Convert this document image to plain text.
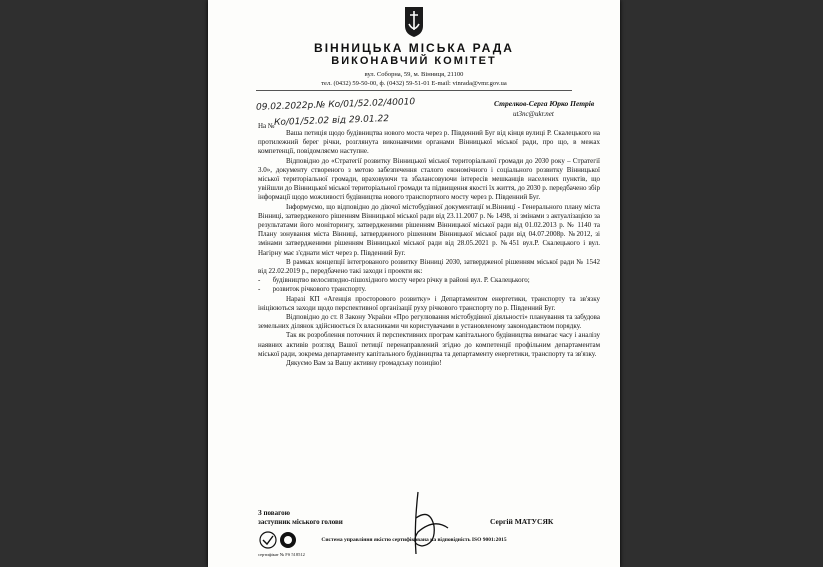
ВІННИЦЬКА МІСЬКА РАДА
ВИКОНАВЧИЙ КОМІТЕТ
вул. Соборна, 59, м. Вінниця, 21100
тел. (0432) 59-50-00, ф. (0432) 59-51-01 E-mail: vinrada@vmr.gov.ua
09.02.2022р.№ Ко/01/52.02/40010
На № Ко/01/52.02 від 29.01.22
Стрелков-Серга Юрко Петрів
ut3nc@ukr.net

Ваша петиція щодо будівництва нового моста через р. Південний Буг від кінця вулиці Р. Скалецького на протилежний берег річки, розглянута виконавчими органами Вінницької міської ради, про що, в межах компетенції, повідомляємо наступне.

Відповідно до «Стратегії розвитку Вінницької міської територіальної громади до 2030 року – Стратегії 3.0», документу створеного з метою забезпечення сталого економічного і соціального розвитку Вінницької міської територіальної громади, враховуючи та збалансовуючи інтересів мешканців населених пунктів, що увійшли до Вінницької міської територіальної громади та підвищення якості їх життя, до 2030 р. передбачено збір інформації щодо можливості будівництва нового транспортного мосту через р. Південний Буг.

Інформуємо, що відповідно до діючої містобудівної документації м.Вінниці - Генерального плану міста Вінниці, затвердженого рішенням Вінницької міської ради від 23.11.2007 р. № 1498, зі змінами з актуалізацією за результатами його моніторингу, затвердженими рішенням Вінницької міської ради від 01.02.2013 р. № 1140 та Плану зонування міста Вінниці, затвердженого рішенням Вінницької міської ради від 04.07.2008р. №2012, зі змінами затвердженими рішенням Вінницької міської ради від 28.05.2021 р. №451 вул.Р. Скалецького і вул. Нагірну має з'єднати міст через р. Південний Буг.

В рамках концепції інтегрованого розвитку Вінниці 2030, затвердженої рішенням міської ради № 1542 від 22.02.2019 р., передбачено такі заходи і проекти як:

-       будівництво велосипедно-пішохідного мосту через річку в районі вул. Р. Скалецького;

-       розвиток річкового транспорту.

Наразі КП «Агенція просторового розвитку» і Департаментом енергетики, транспорту та зв'язку ініціюються заходи щодо перспективної організації руху річкового транспорту по р. Південний Буг.

Відповідно до ст. 8 Закону України «Про регулювання містобудівної діяльності» планування та забудова земельних ділянок здійснюється їх власниками чи користувачами в установленому законодавством порядку.

Так як розроблення поточних й перспективних програм капітального будівництва вимагає часу і аналізу наявних активів розгляд Вашої петиції перенаправлений згідно до компетенції профільним департаментам міської ради, зокрема департаменту капітального будівництва та департаменту енергетики, транспорту та зв'язку.

Дякуємо Вам за Вашу активну громадську позицію!

З повагою
заступник міського голови	Сергій МАТУСЯК
сертифікат № FS 518512
Система управління якістю сертифікована на відповідність ISO 9001:2015
